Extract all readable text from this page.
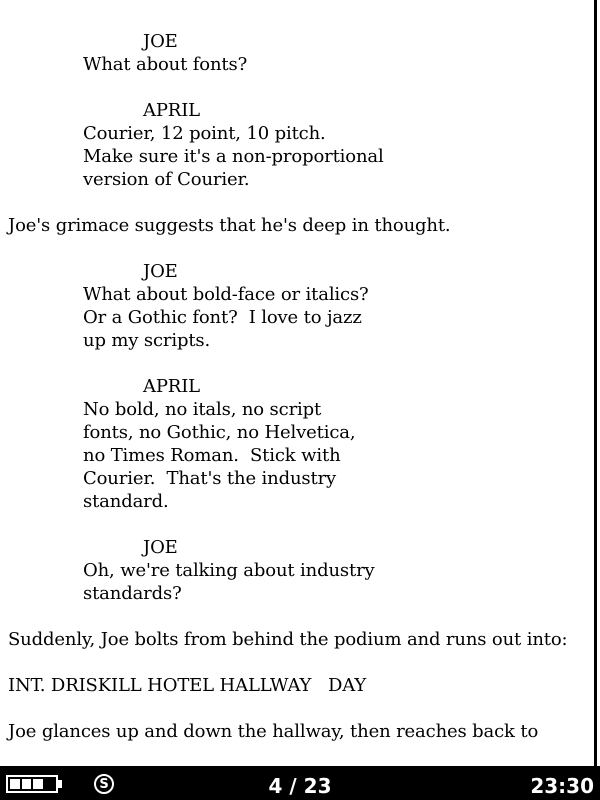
JOE
What about fonts?
APRIL
Courier, 12 point, 10 pitch.
Make sure it's a non-proportional
version of Courier.
Joe's grimace suggests that he's deep in thought.
JOE
What about bold-face or italics?
Or a Gothic font?  I love to jazz
up my scripts.
APRIL
No bold, no itals, no script
fonts, no Gothic, no Helvetica,
no Times Roman.  Stick with
Courier.  That's the industry
standard.
JOE
Oh, we're talking about industry
standards?
Suddenly, Joe bolts from behind the podium and runs out into:
INT. DRISKILL HOTEL HALLWAY   DAY
Joe glances up and down the hallway, then reaches back to
S	4 / 23	23:30
